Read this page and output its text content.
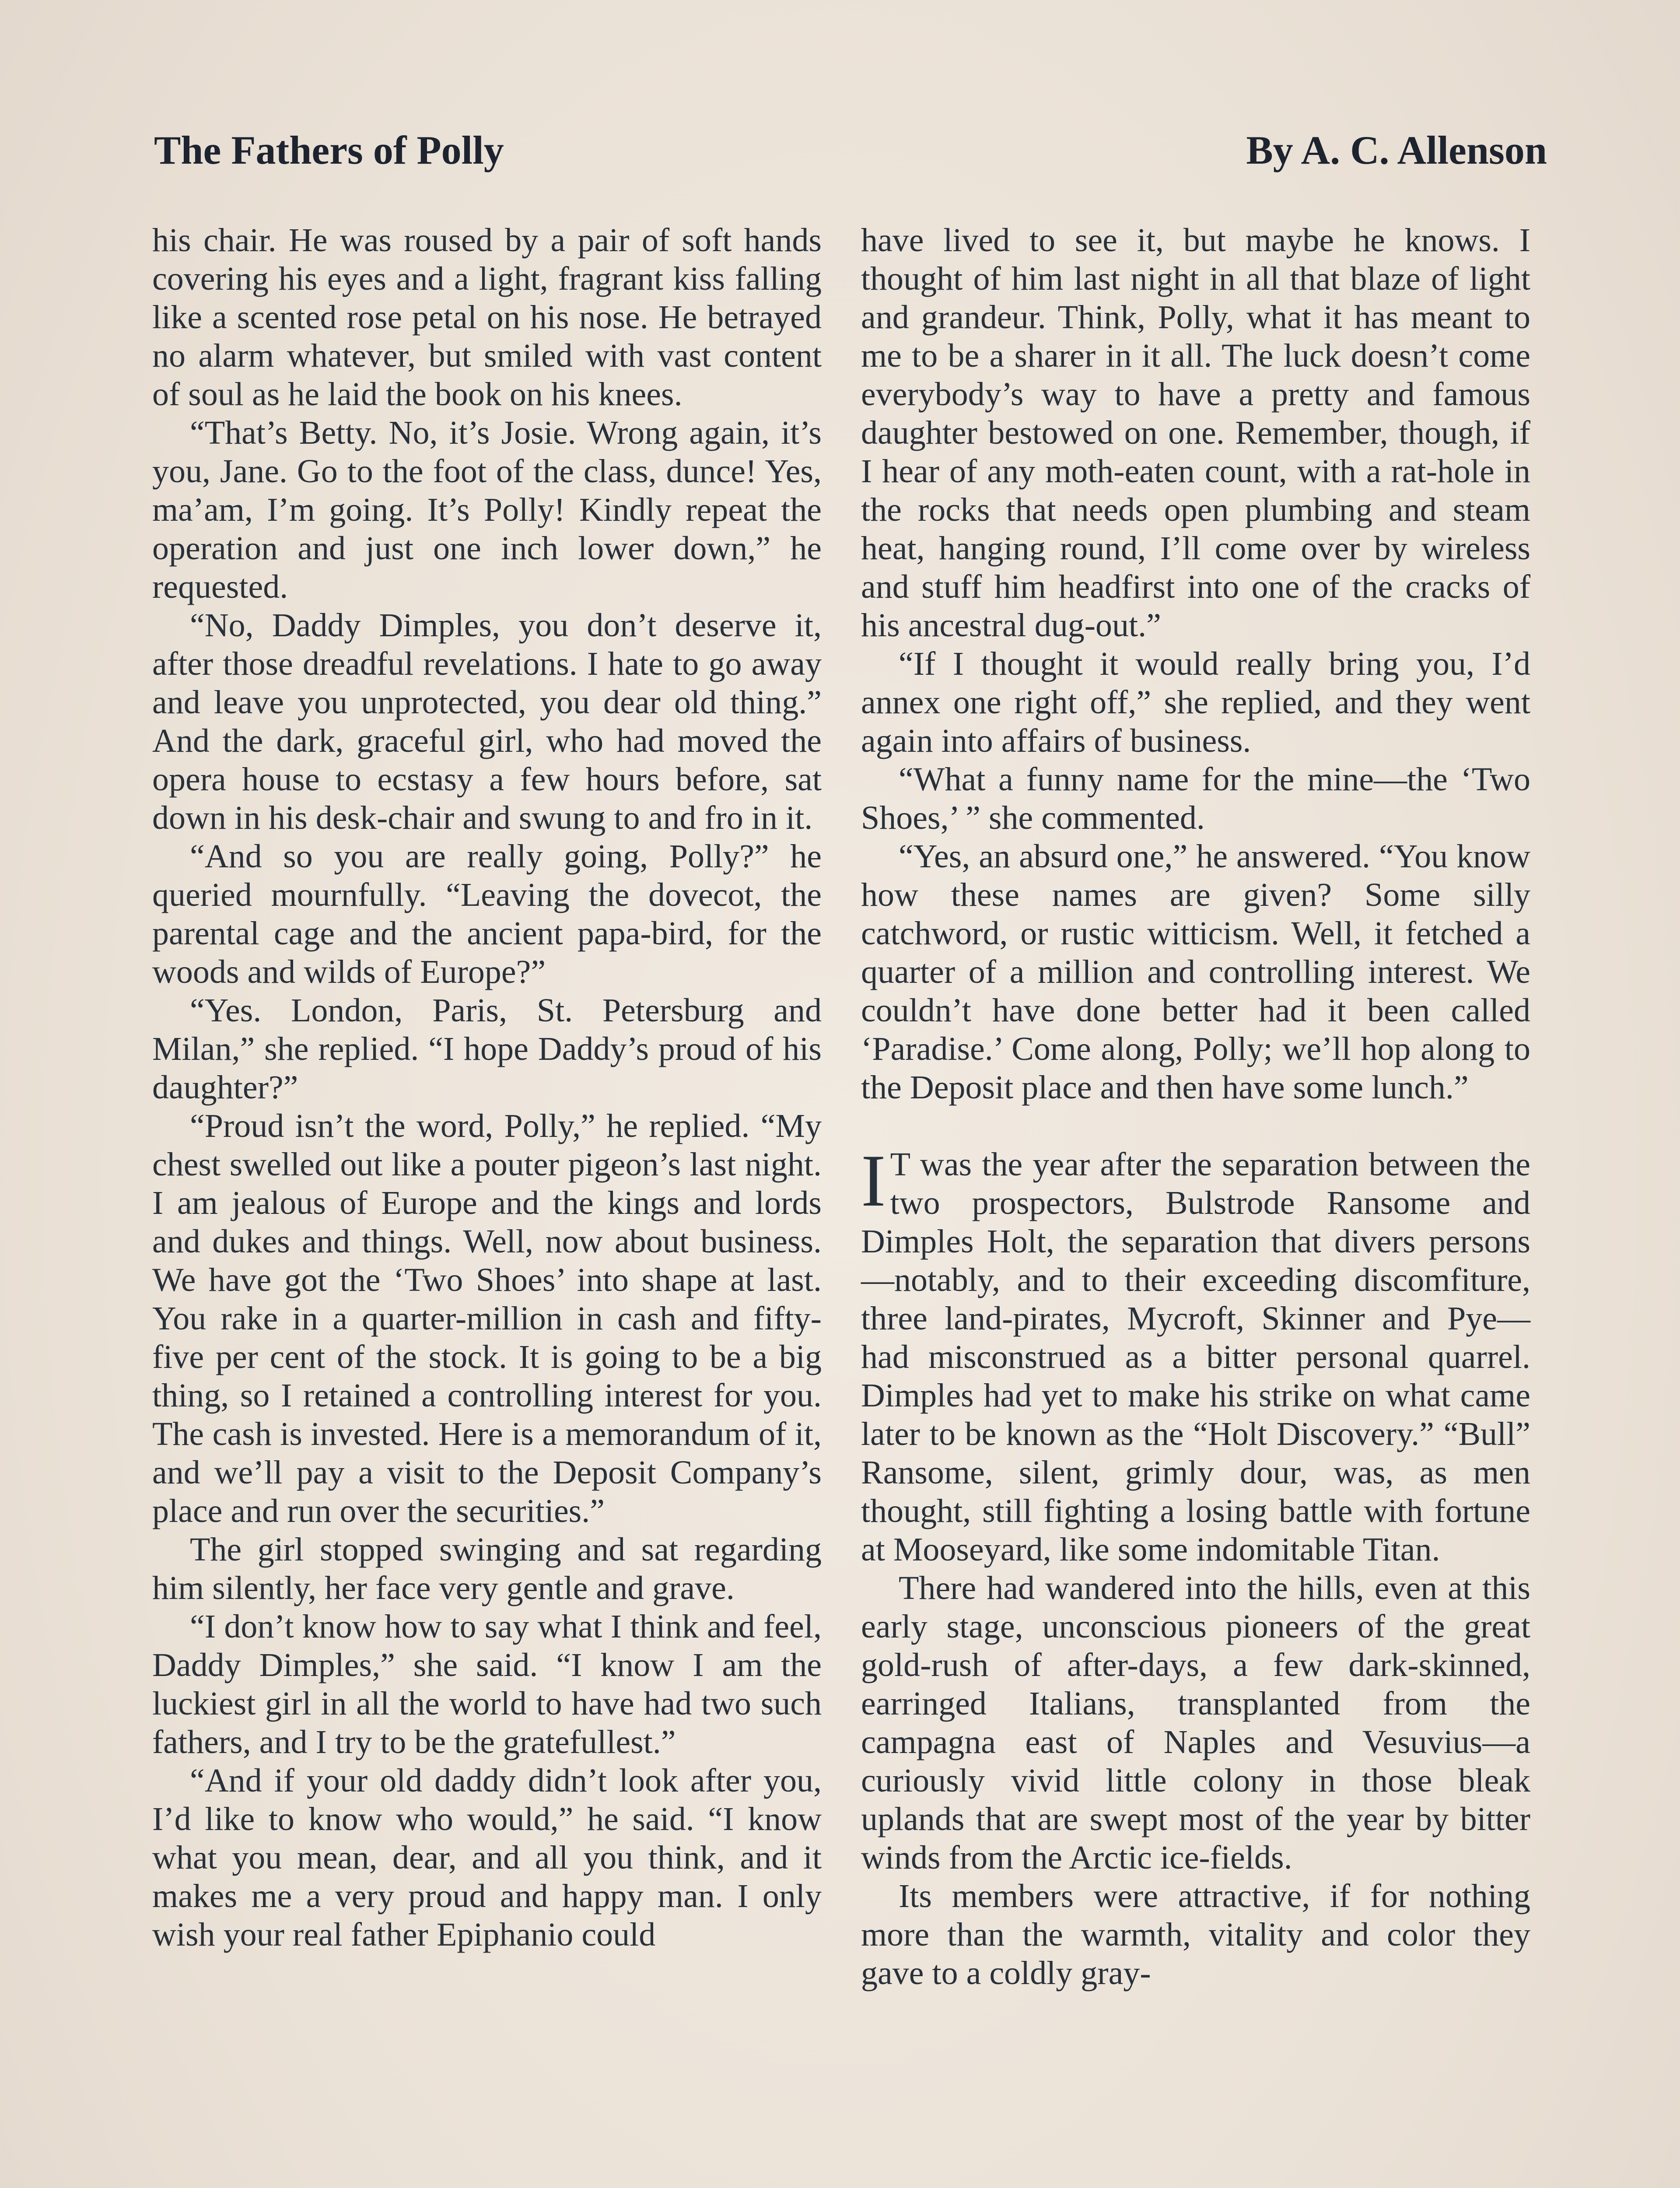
The Fathers of Polly	By A. C. Allenson

his chair. He was roused by a pair of soft hands covering his eyes and a light, fragrant kiss falling like a scented rose petal on his nose. He betrayed no alarm whatever, but smiled with vast content of soul as he laid the book on his knees.

“That’s Betty. No, it’s Josie. Wrong again, it’s you, Jane. Go to the foot of the class, dunce! Yes, ma’am, I’m going. It’s Polly! Kindly repeat the operation and just one inch lower down,” he requested.

“No, Daddy Dimples, you don’t deserve it, after those dreadful revelations. I hate to go away and leave you unprotected, you dear old thing.” And the dark, graceful girl, who had moved the opera house to ecstasy a few hours before, sat down in his desk-chair and swung to and fro in it.

“And so you are really going, Polly?” he queried mournfully. “Leaving the dovecot, the parental cage and the ancient papa-bird, for the woods and wilds of Europe?”

“Yes. London, Paris, St. Petersburg and Milan,” she replied. “I hope Daddy’s proud of his daughter?”

“Proud isn’t the word, Polly,” he replied. “My chest swelled out like a pouter pigeon’s last night. I am jealous of Europe and the kings and lords and dukes and things. Well, now about business. We have got the ‘Two Shoes’ into shape at last. You rake in a quarter-million in cash and fifty-five per cent of the stock. It is going to be a big thing, so I retained a controlling interest for you. The cash is invested. Here is a memorandum of it, and we’ll pay a visit to the Deposit Company’s place and run over the securities.”

The girl stopped swinging and sat regarding him silently, her face very gentle and grave.

“I don’t know how to say what I think and feel, Daddy Dimples,” she said. “I know I am the luckiest girl in all the world to have had two such fathers, and I try to be the gratefullest.”

“And if your old daddy didn’t look after you, I’d like to know who would,” he said. “I know what you mean, dear, and all you think, and it makes me a very proud and happy man. I only wish your real father Epiphanio could

have lived to see it, but maybe he knows. I thought of him last night in all that blaze of light and grandeur. Think, Polly, what it has meant to me to be a sharer in it all. The luck doesn’t come everybody’s way to have a pretty and famous daughter bestowed on one. Remember, though, if I hear of any moth-eaten count, with a rat-hole in the rocks that needs open plumbing and steam heat, hanging round, I’ll come over by wireless and stuff him headfirst into one of the cracks of his ancestral dug-out.”

“If I thought it would really bring you, I’d annex one right off,” she replied, and they went again into affairs of business.

“What a funny name for the mine—the ‘Two Shoes,’ ” she commented.

“Yes, an absurd one,” he answered. “You know how these names are given? Some silly catchword, or rustic witticism. Well, it fetched a quarter of a million and controlling interest. We couldn’t have done better had it been called ‘Paradise.’ Come along, Polly; we’ll hop along to the Deposit place and then have some lunch.”

I T was the year after the separation between the two prospectors, Bulstrode Ransome and Dimples Holt, the separation that divers persons—notably, and to their exceeding discomfiture, three land-pirates, Mycroft, Skinner and Pye—had misconstrued as a bitter personal quarrel. Dimples had yet to make his strike on what came later to be known as the “Holt Discovery.” “Bull” Ransome, silent, grimly dour, was, as men thought, still fighting a losing battle with fortune at Mooseyard, like some indomitable Titan.

There had wandered into the hills, even at this early stage, unconscious pioneers of the great gold-rush of after-days, a few dark-skinned, earringed Italians, transplanted from the campagna east of Naples and Vesuvius—a curiously vivid little colony in those bleak uplands that are swept most of the year by bitter winds from the Arctic ice-fields.

Its members were attractive, if for nothing more than the warmth, vitality and color they gave to a coldly gray-
